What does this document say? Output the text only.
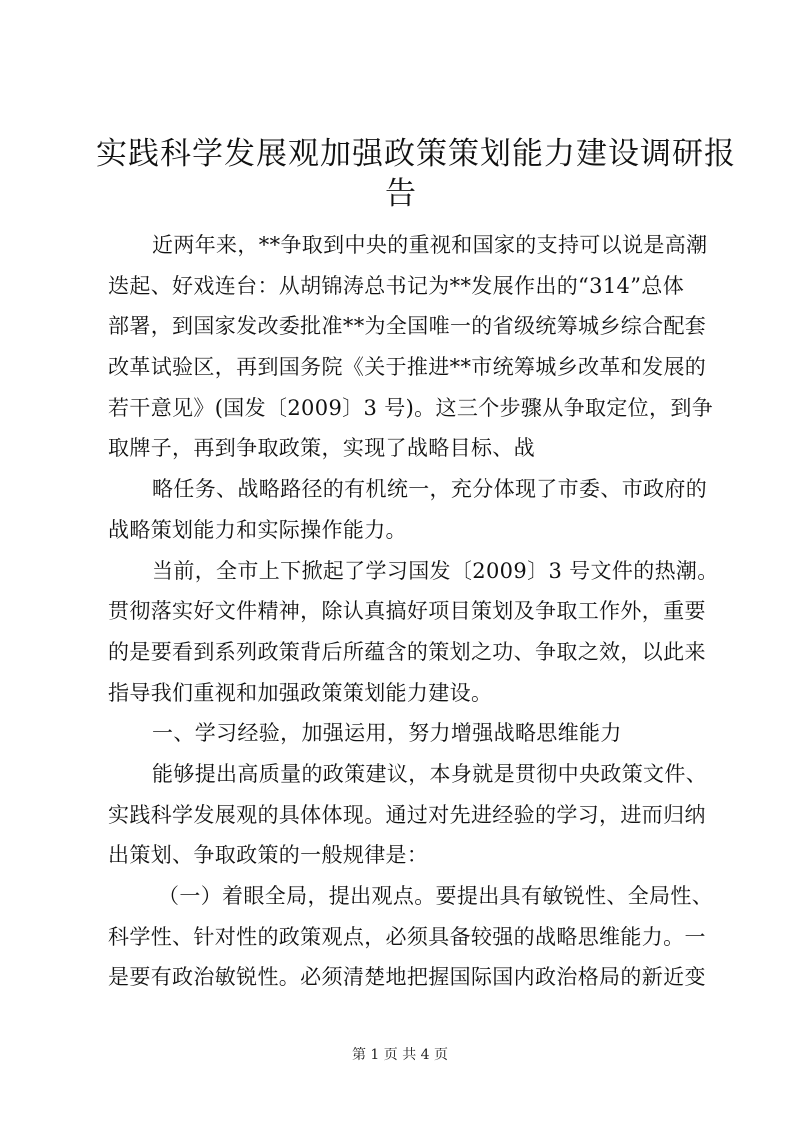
实践科学发展观加强政策策划能力建设调研报
告
近两年来，**争取到中央的重视和国家的支持可以说是高潮
迭起、好戏连台：从胡锦涛总书记为**发展作出的“314”总体
部署，到国家发改委批准**为全国唯一的省级统筹城乡综合配套
改革试验区，再到国务院《关于推进**市统筹城乡改革和发展的
若干意见》(国发〔2009〕3 号)。这三个步骤从争取定位，到争
取牌子，再到争取政策，实现了战略目标、战
略任务、战略路径的有机统一，充分体现了市委、市政府的
战略策划能力和实际操作能力。
当前，全市上下掀起了学习国发〔2009〕3 号文件的热潮。
贯彻落实好文件精神，除认真搞好项目策划及争取工作外，重要
的是要看到系列政策背后所蕴含的策划之功、争取之效，以此来
指导我们重视和加强政策策划能力建设。
一、学习经验，加强运用，努力增强战略思维能力
能够提出高质量的政策建议，本身就是贯彻中央政策文件、
实践科学发展观的具体体现。通过对先进经验的学习，进而归纳
出策划、争取政策的一般规律是：
（一）着眼全局，提出观点。要提出具有敏锐性、全局性、
科学性、针对性的政策观点，必须具备较强的战略思维能力。一
是要有政治敏锐性。必须清楚地把握国际国内政治格局的新近变
第 1 页 共 4 页
